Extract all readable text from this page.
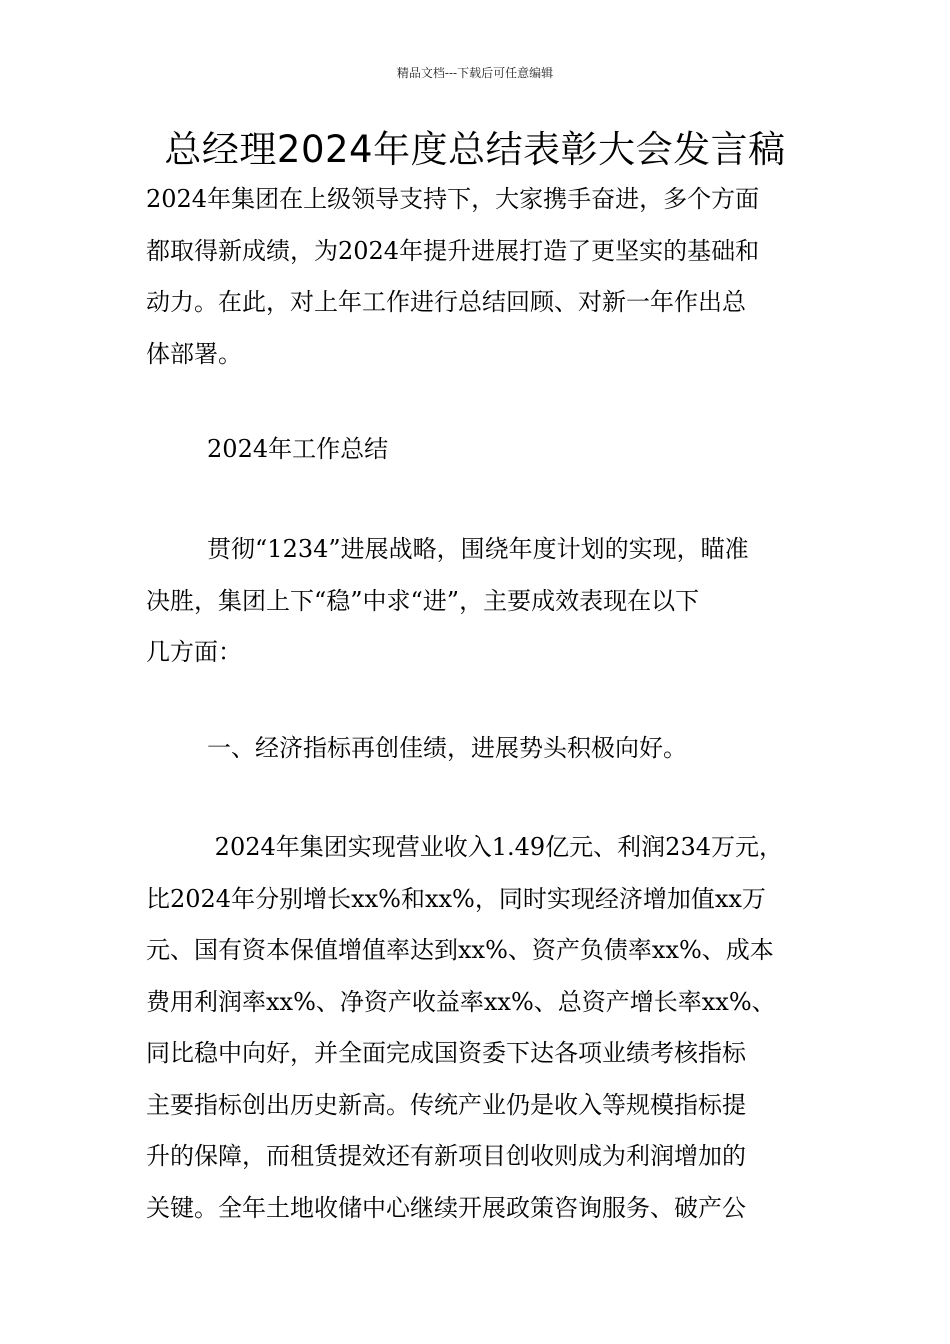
精品文档---下载后可任意编辑
总经理2024年度总结表彰大会发言稿

2024年集团在上级领导支持下，大家携手奋进，多个方面
都取得新成绩，为2024年提升进展打造了更坚实的基础和
动力。在此，对上年工作进行总结回顾、对新一年作出总
体部署。

2024年工作总结

贯彻“1234”进展战略，围绕年度计划的实现，瞄准
决胜，集团上下“稳”中求“进”，主要成效表现在以下
几方面：

一、经济指标再创佳绩，进展势头积极向好。

2024年集团实现营业收入1.49亿元、利润234万元，
比2024年分别增长xx%和xx%，同时实现经济增加值xx万
元、国有资本保值增值率达到xx%、资产负债率xx%、成本
费用利润率xx%、净资产收益率xx%、总资产增长率xx%、
同比稳中向好，并全面完成国资委下达各项业绩考核指标
主要指标创出历史新高。传统产业仍是收入等规模指标提
升的保障，而租赁提效还有新项目创收则成为利润增加的
关键。全年土地收储中心继续开展政策咨询服务、破产公
